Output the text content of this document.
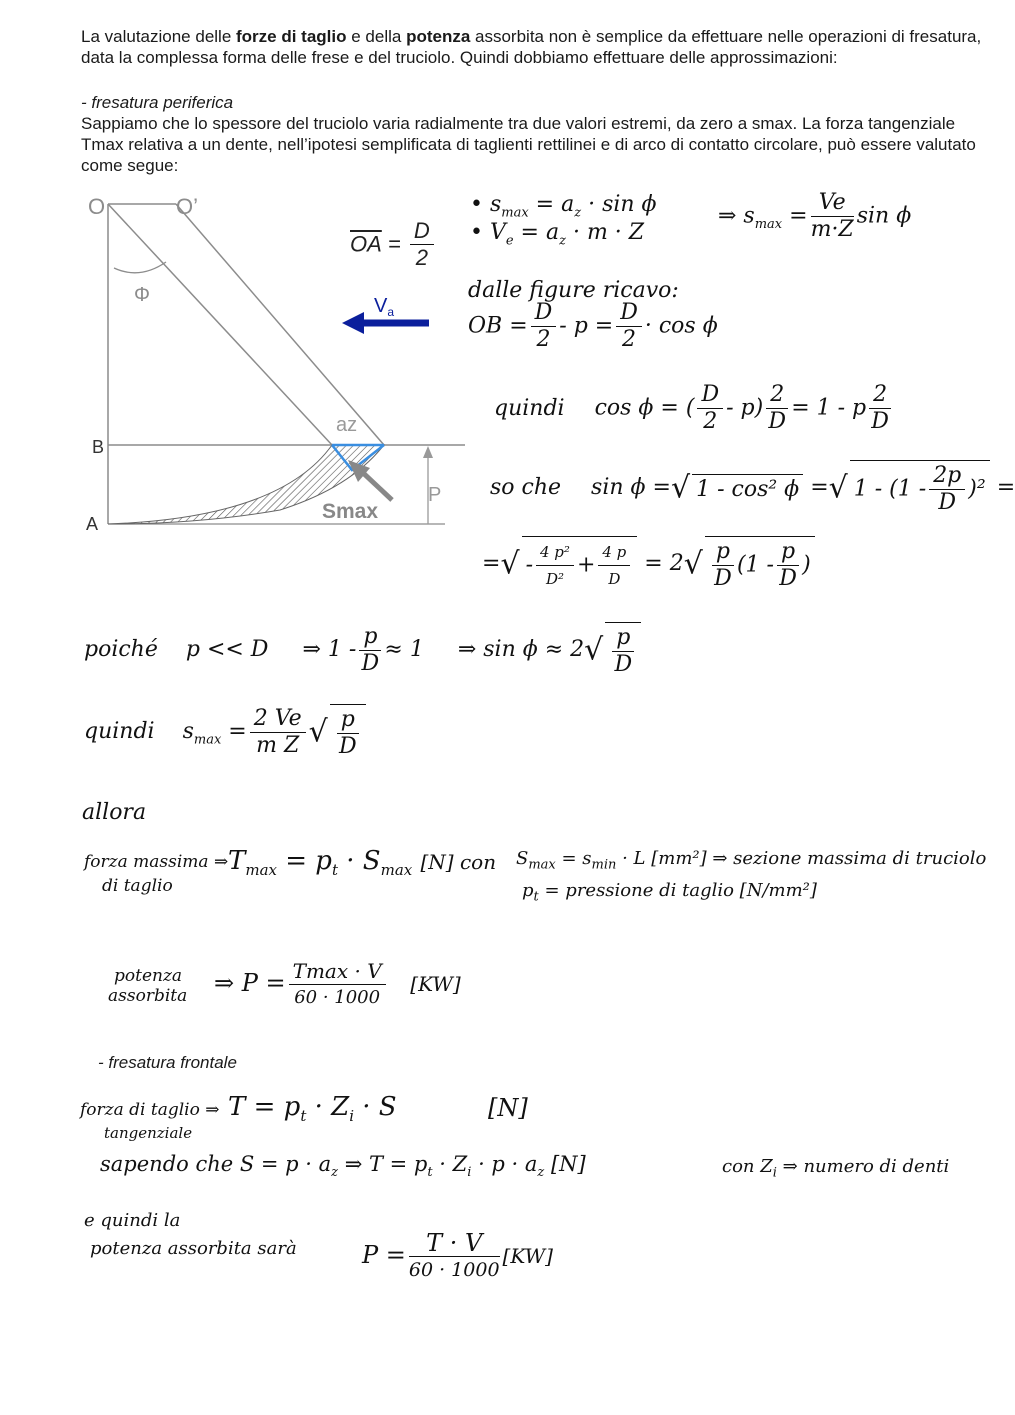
La valutazione delle forze di taglio e della potenza assorbita non è semplice da effettuare nelle operazioni di fresatura, data la complessa forma delle frese e del truciolo. Quindi dobbiamo effettuare delle approssimazioni:
- fresatura periferica
Sappiamo che lo spessore del truciolo varia radialmente tra due valori estremi, da zero a smax. La forza tangenziale Tmax relativa a un dente, nell’ipotesi semplificata di taglienti rettilinei e di arco di contatto circolare, può essere valutato come segue:
O	O’
Φ
B
A
az
Smax
P
$V_a$
$\overline{OA} = \frac{D}{2}$
• $s_{max} = a_z \cdot \sin \phi$
• $V_e = a_z \cdot m \cdot Z$
⇒ $s_{max} = \frac{Ve}{m\cdot Z}$ sin ϕ
dalle figure ricavo:
OB = $\frac{D}{2} - p = \frac{D}{2} \cdot \cos \phi$
quindi cos ϕ = ( $\frac{D}{2} - p) \frac{2}{D} = 1 - p \frac{2}{D}$
so che sin ϕ =√ 1 - cos² ϕ =√ $1 - (1 - \frac{2p}{D} )^2$ =
=√ - $\frac{\text{4 p²}}{\text{D²}} + \frac{4 p}{D} = 2√ \frac{p}{D} (1 - \frac{p}{D}$ )
poiché p << D ⇒ $1 - \frac{p}{D} \approx 1$ ⇒ $\sin \phi \approx 2√ \frac{p}{D}$
quindi $s_{max} = \frac{2 Ve}{\text{m Z}}$ √ $\frac{p}{D}$
allora
forza massima ⇒
di taglio
$T_{max} = p_t \cdot S_{max}$ [N] con $S_{max} = s_{min} \cdot L$ [mm²] ⇒ sezione massima di truciolo
$p_t$ = pressione di taglio [N/mm²]
potenza
assorbita ⇒ $P = \frac{Tmax \cdot V}{60 \cdot 1000} [KW]$
- fresatura frontale
forza di taglio ⇒
tangenziale
$T = p_t \cdot Z_i \cdot S$	[N]
sapendo che $S = p \cdot a_z$ ⇒ $T = p_t \cdot Z_i \cdot p \cdot a_z$ [N]	con $Z_i$ ⇒ numero di denti
e quindi la
potenza assorbita sarà	$P = \frac{T \cdot V}{60 \cdot 1000} [KW]$
